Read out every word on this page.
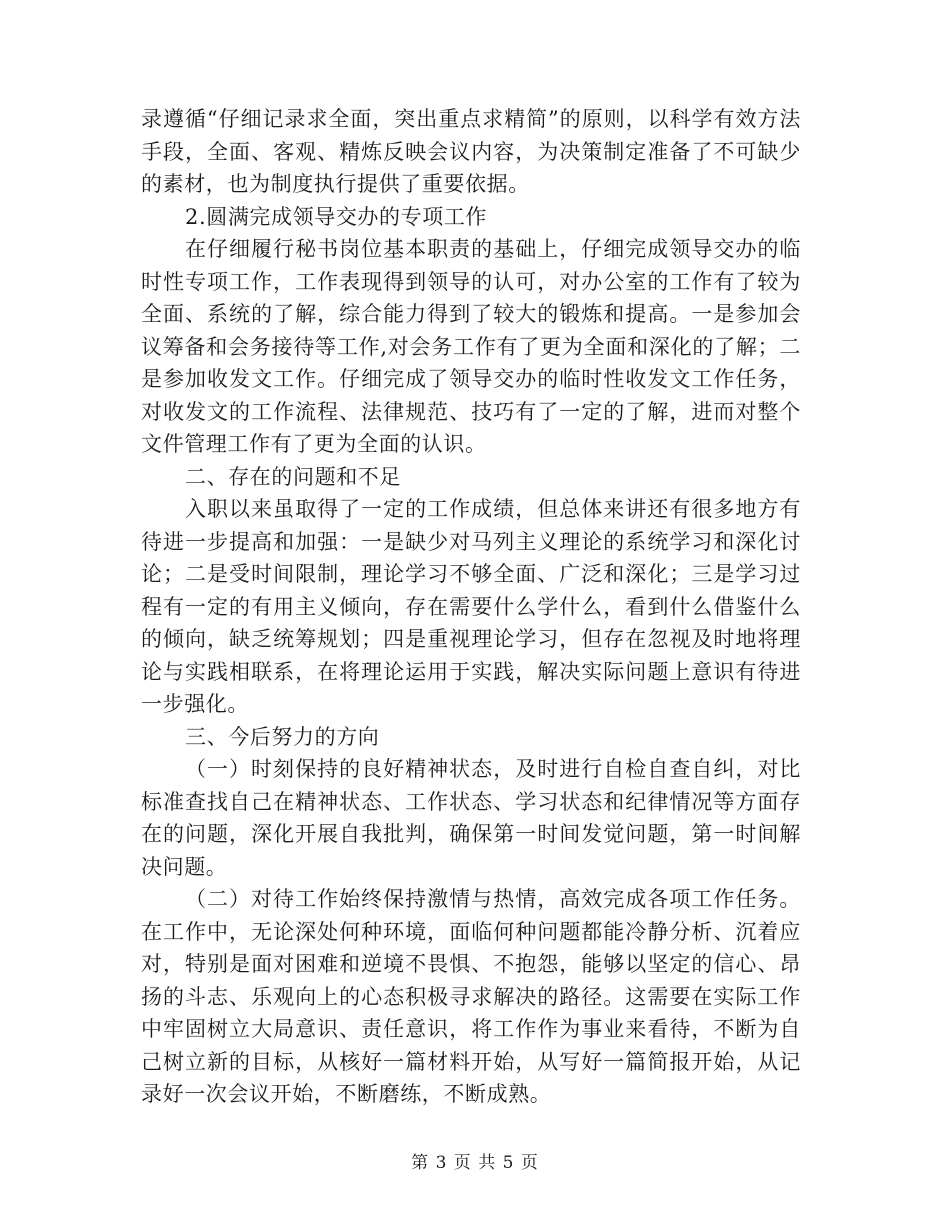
录遵循“仔细记录求全面，突出重点求精简”的原则，以科学有效方法手段，全面、客观、精炼反映会议内容，为决策制定准备了不可缺少的素材，也为制度执行提供了重要依据。

2.圆满完成领导交办的专项工作

在仔细履行秘书岗位基本职责的基础上，仔细完成领导交办的临时性专项工作，工作表现得到领导的认可，对办公室的工作有了较为全面、系统的了解，综合能力得到了较大的锻炼和提高。一是参加会议筹备和会务接待等工作,对会务工作有了更为全面和深化的了解；二是参加收发文工作。仔细完成了领导交办的临时性收发文工作任务，对收发文的工作流程、法律规范、技巧有了一定的了解，进而对整个文件管理工作有了更为全面的认识。

二、存在的问题和不足

入职以来虽取得了一定的工作成绩，但总体来讲还有很多地方有待进一步提高和加强：一是缺少对马列主义理论的系统学习和深化讨论；二是受时间限制，理论学习不够全面、广泛和深化；三是学习过程有一定的有用主义倾向，存在需要什么学什么，看到什么借鉴什么的倾向，缺乏统筹规划；四是重视理论学习，但存在忽视及时地将理论与实践相联系，在将理论运用于实践，解决实际问题上意识有待进一步强化。

三、今后努力的方向

（一）时刻保持的良好精神状态，及时进行自检自查自纠，对比标准查找自己在精神状态、工作状态、学习状态和纪律情况等方面存在的问题，深化开展自我批判，确保第一时间发觉问题，第一时间解决问题。

（二）对待工作始终保持激情与热情，高效完成各项工作任务。在工作中，无论深处何种环境，面临何种问题都能冷静分析、沉着应对，特别是面对困难和逆境不畏惧、不抱怨，能够以坚定的信心、昂扬的斗志、乐观向上的心态积极寻求解决的路径。这需要在实际工作中牢固树立大局意识、责任意识，将工作作为事业来看待，不断为自己树立新的目标，从核好一篇材料开始，从写好一篇简报开始，从记录好一次会议开始，不断磨练，不断成熟。

第 3 页 共 5 页
